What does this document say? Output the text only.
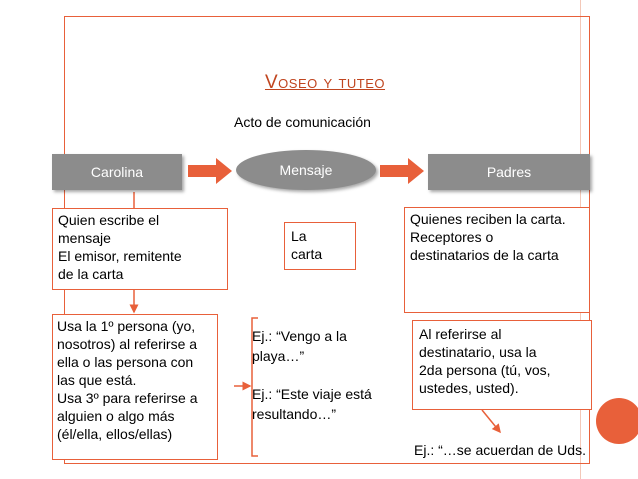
Voseo y tuteo
Acto de comunicación
Carolina	Mensaje	Padres
Quien escribe el
mensaje
El emisor, remitente
de la carta
La
carta
Quienes reciben la carta.
Receptores o
destinatarios de la carta
Usa la 1º persona (yo,
nosotros) al referirse a
ella o las persona con
las que está.
Usa 3º para referirse a
alguien o algo más
(él/ella, ellos/ellas)
Al referirse al
destinatario, usa la
2da persona (tú, vos,
ustedes, usted).
Ej.: “Vengo a la
playa…”
Ej.: “Este viaje está
resultando…”
Ej.: “…se acuerdan de Uds.
